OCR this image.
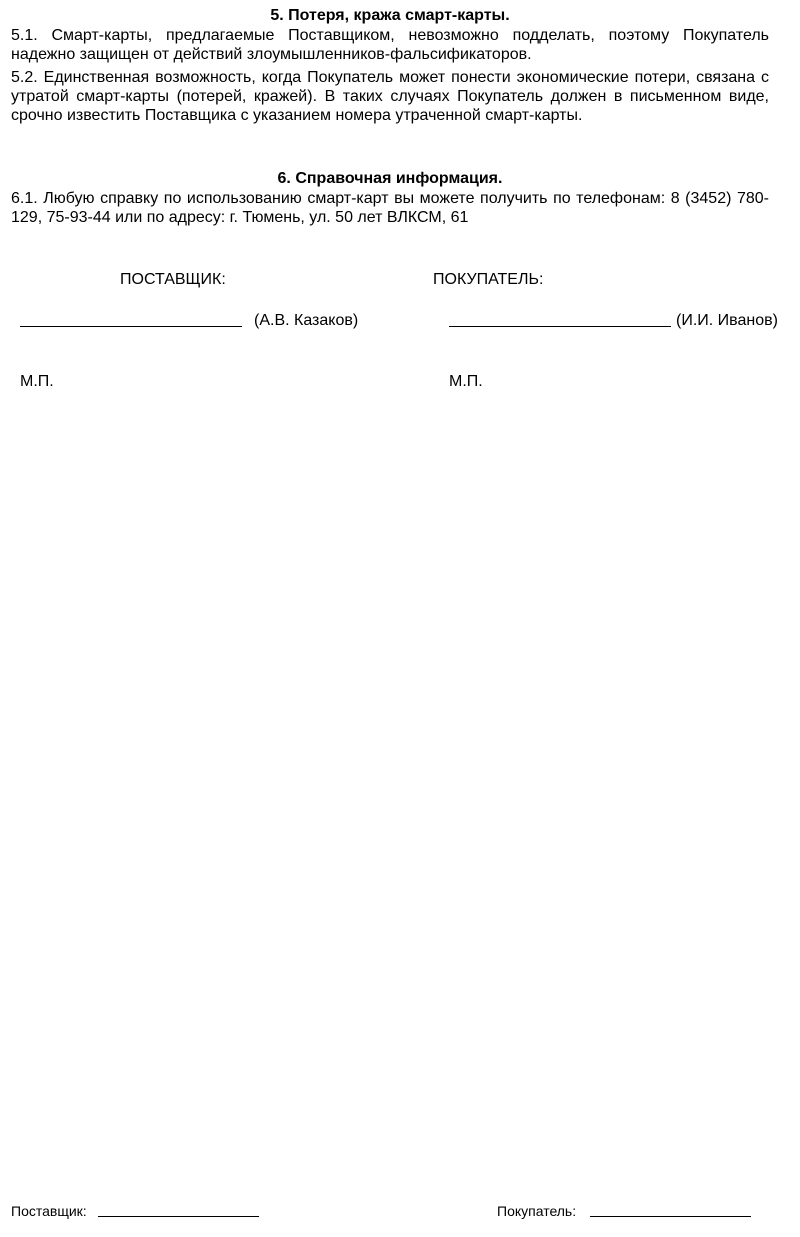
5. Потеря, кража смарт-карты.
5.1. Смарт-карты, предлагаемые Поставщиком, невозможно подделать, поэтому Покупатель надежно защищен от действий злоумышленников-фальсификаторов.
5.2. Единственная возможность, когда Покупатель может понести экономические потери, связана с утратой смарт-карты (потерей, кражей). В таких случаях Покупатель должен в письменном виде, срочно известить Поставщика с указанием номера утраченной смарт-карты.
6. Справочная информация.
6.1. Любую справку по использованию смарт-карт вы можете получить по телефонам: 8 (3452) 780-129, 75-93-44 или по адресу: г. Тюмень, ул. 50 лет ВЛКСМ, 61
ПОСТАВЩИК:	ПОКУПАТЕЛЬ:
(А.В. Казаков)	(И.И. Иванов)
М.П.	М.П.
Поставщик:	Покупатель:
